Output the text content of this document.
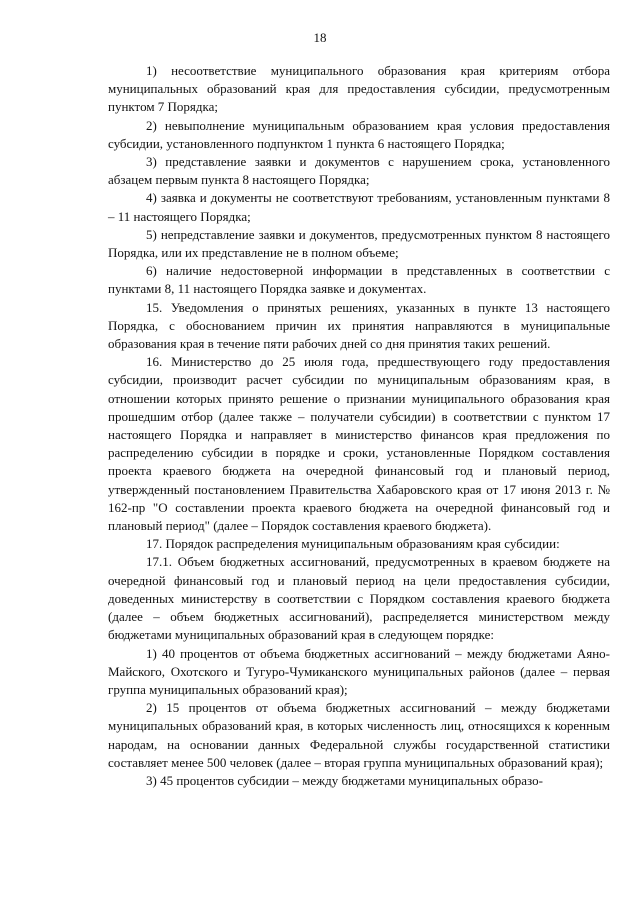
18

1) несоответствие муниципального образования края критериям отбора муниципальных образований края для предоставления субсидии, предусмотренным пунктом 7 Порядка;

2) невыполнение муниципальным образованием края условия предоставления субсидии, установленного подпунктом 1 пункта 6 настоящего Порядка;

3) представление заявки и документов с нарушением срока, установленного абзацем первым пункта 8 настоящего Порядка;

4) заявка и документы не соответствуют требованиям, установленным пунктами 8 – 11 настоящего Порядка;

5) непредставление заявки и документов, предусмотренных пунктом 8 настоящего Порядка, или их представление не в полном объеме;

6) наличие недостоверной информации в представленных в соответствии с пунктами 8, 11 настоящего Порядка заявке и документах.

15. Уведомления о принятых решениях, указанных в пункте 13 настоящего Порядка, с обоснованием причин их принятия направляются в муниципальные образования края в течение пяти рабочих дней со дня принятия таких решений.

16. Министерство до 25 июля года, предшествующего году предоставления субсидии, производит расчет субсидии по муниципальным образованиям края, в отношении которых принято решение о признании муниципального образования края прошедшим отбор (далее также – получатели субсидии) в соответствии с пунктом 17 настоящего Порядка и направляет в министерство финансов края предложения по распределению субсидии в порядке и сроки, установленные Порядком составления проекта краевого бюджета на очередной финансовый год и плановый период, утвержденный постановлением Правительства Хабаровского края от 17 июня 2013 г. № 162-пр "О составлении проекта краевого бюджета на очередной финансовый год и плановый период" (далее – Порядок составления краевого бюджета).

17. Порядок распределения муниципальным образованиям края субсидии:

17.1. Объем бюджетных ассигнований, предусмотренных в краевом бюджете на очередной финансовый год и плановый период на цели предоставления субсидии, доведенных министерству в соответствии с Порядком составления краевого бюджета (далее – объем бюджетных ассигнований), распределяется министерством между бюджетами муниципальных образований края в следующем порядке:

1) 40 процентов от объема бюджетных ассигнований – между бюджетами Аяно-Майского, Охотского и Тугуро-Чумиканского муниципальных районов (далее – первая группа муниципальных образований края);

2) 15 процентов от объема бюджетных ассигнований – между бюджетами муниципальных образований края, в которых численность лиц, относящихся к коренным народам, на основании данных Федеральной службы государственной статистики составляет менее 500 человек (далее – вторая группа муниципальных образований края);

3) 45 процентов субсидии – между бюджетами муниципальных образо-
